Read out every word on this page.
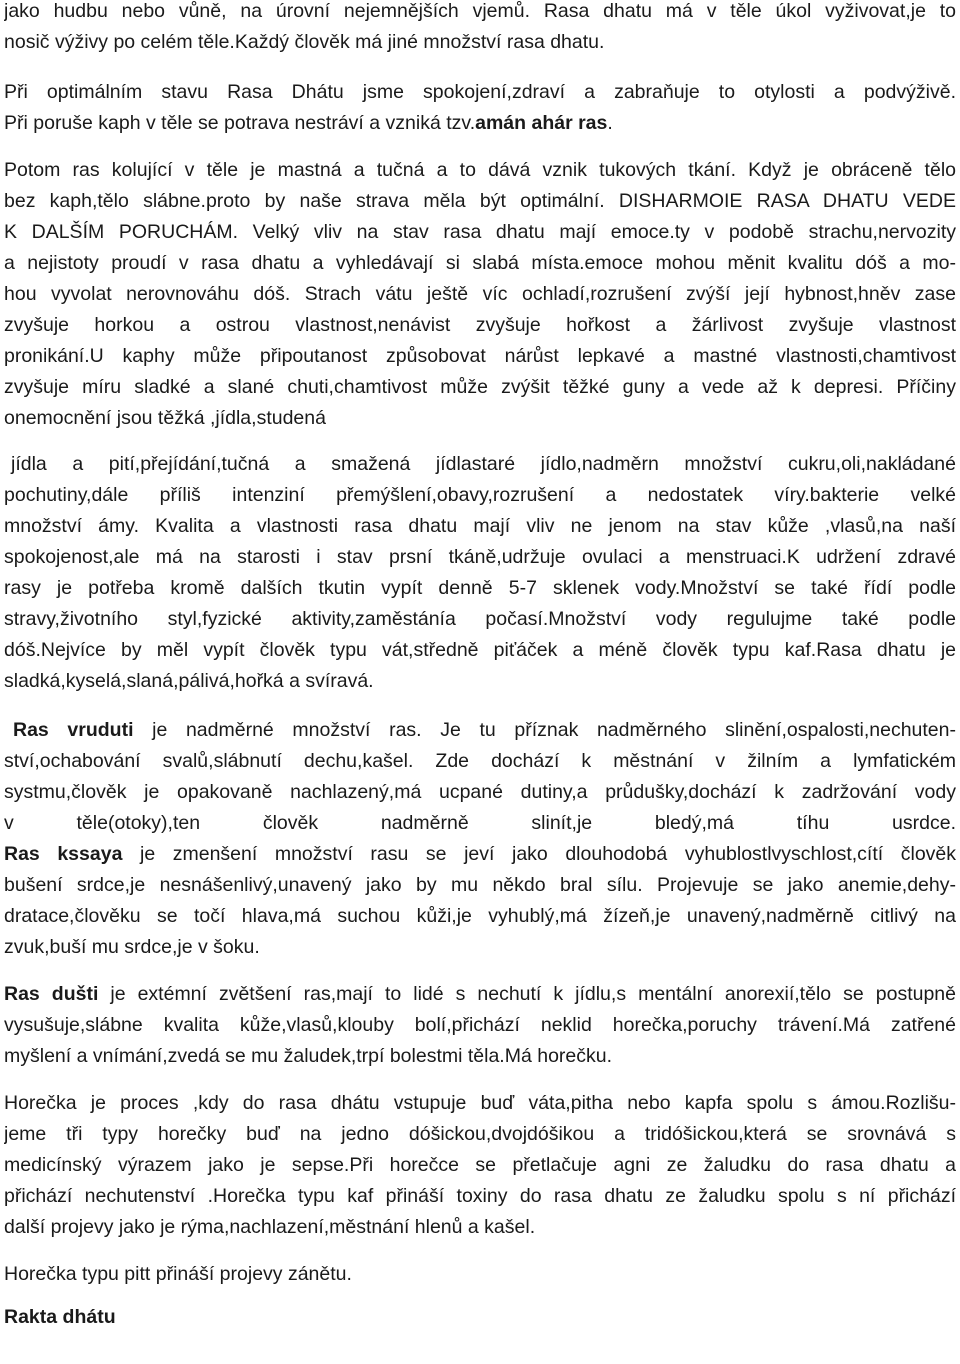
jako hudbu nebo vůně, na úrovní nejemnějších vjemů. Rasa dhatu má v těle úkol vyživovat,je to
nosič výživy po celém těle.Každý člověk má jiné množství rasa dhatu.
Při optimálním stavu Rasa Dhátu jsme spokojení,zdraví a zabraňuje to otylosti a podvýživě.
Při poruše kaph v těle se potrava nestráví a vzniká tzv.amán ahár ras.
Potom ras kolující v těle je mastná a tučná a to dává vznik tukových tkání. Když je obráceně tělo
bez kaph,tělo slábne.proto by naše strava měla být optimální. DISHARMOIE RASA DHATU VEDE
K DALŠÍM PORUCHÁM. Velký vliv na stav rasa dhatu mají emoce.ty v podobě strachu,nervozity
a nejistoty proudí v rasa dhatu a vyhledávají si slabá místa.emoce mohou měnit kvalitu dóš a mo-
hou vyvolat nerovnováhu dóš. Strach vátu ještě víc ochladí,rozrušení zvýší její hybnost,hněv zase
zvyšuje horkou a ostrou vlastnost,nenávist zvyšuje hořkost a žárlivost zvyšuje vlastnost
pronikání.U kaphy může připoutanost způsobovat nárůst lepkavé a mastné vlastnosti,chamtivost
zvyšuje míru sladké a slané chuti,chamtivost může zvýšit těžké guny a vede až k depresi. Příčiny
onemocnění jsou těžká ,jídla,studená
jídla a pití,přejídání,tučná a smažená jídlastaré jídlo,nadměrn množství cukru,oli,nakládané
pochutiny,dále příliš intenziní přemýšlení,obavy,rozrušení a nedostatek víry.bakterie velké
množství ámy. Kvalita a vlastnosti rasa dhatu mají vliv ne jenom na stav kůže ,vlasů,na naší
spokojenost,ale má na starosti i stav prsní tkáně,udržuje ovulaci a menstruaci.K udržení zdravé
rasy je potřeba kromě dalších tkutin vypít denně 5-7 sklenek vody.Množství se také řídí podle
stravy,životního styl,fyzické aktivity,zaměstánía počasí.Množství vody regulujme také podle
dóš.Nejvíce by měl vypít člověk typu vát,středně piťáček a méně člověk typu kaf.Rasa dhatu je
sladká,kyselá,slaná,pálivá,hořká a svíravá.
Ras vruduti je nadměrné množství ras. Je tu příznak nadměrného slinění,ospalosti,nechuten-
ství,ochabování svalů,slábnutí dechu,kašel. Zde dochází k městnání v žilním a lymfatickém
systmu,člověk je opakovaně nachlazený,má ucpané dutiny,a průdušky,dochází k zadržování vody
v těle(otoky),ten člověk nadměrně slinít,je bledý,má tíhu usrdce.
Ras kssaya je zmenšení množství rasu se jeví jako dlouhodobá vyhublostlvyschlost,cítí člověk
bušení srdce,je nesnášenlivý,unavený jako by mu někdo bral sílu. Projevuje se jako anemie,dehy-
dratace,člověku se točí hlava,má suchou kůži,je vyhublý,má žízeň,je unavený,nadměrně citlivý na
zvuk,buší mu srdce,je v šoku.
Ras dušti je extémní zvětšení ras,mají to lidé s nechutí k jídlu,s mentální anorexií,tělo se postupně
vysušuje,slábne kvalita kůže,vlasů,klouby bolí,přichází neklid horečka,poruchy trávení.Má zatřené
myšlení a vnímání,zvedá se mu žaludek,trpí bolestmi těla.Má horečku.
Horečka je proces ,kdy do rasa dhátu vstupuje buď váta,pitha nebo kapfa spolu s ámou.Rozlišu-
jeme tři typy horečky buď na jedno dóšickou,dvojdóšikou a tridóšickou,která se srovnává s
medicínský výrazem jako je sepse.Při horečce se přetlačuje agni ze žaludku do rasa dhatu a
přichází nechutenství .Horečka typu kaf přináší toxiny do rasa dhatu ze žaludku spolu s ní přichází
další projevy jako je rýma,nachlazení,městnání hlenů a kašel.
Horečka typu pitt přináší projevy zánětu.
Rakta dhátu
